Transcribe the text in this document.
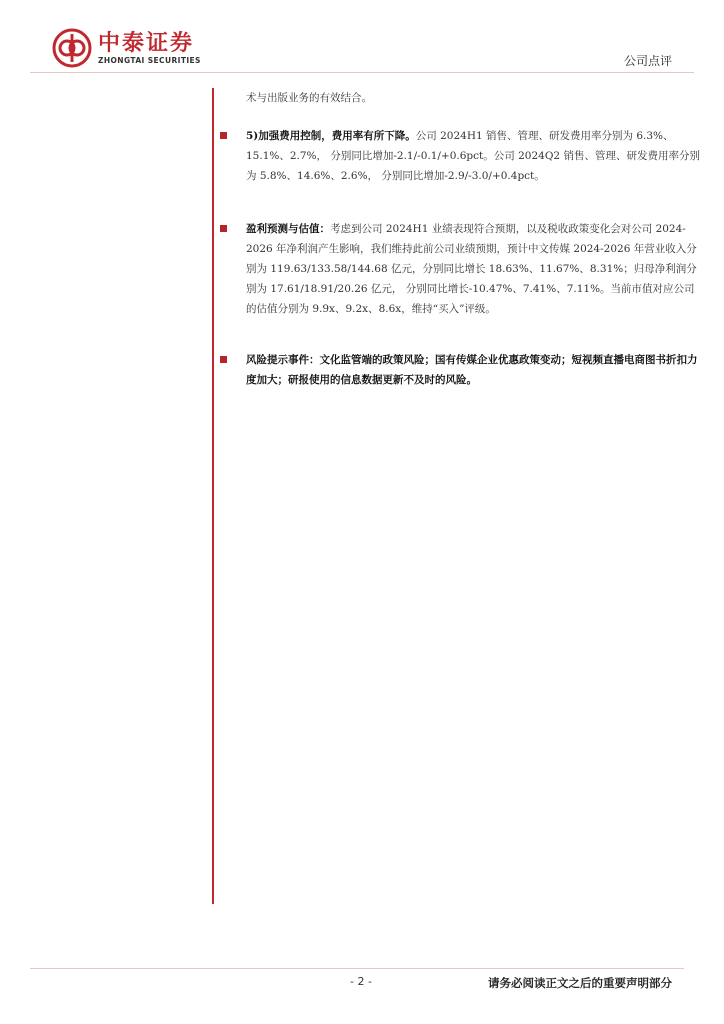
中泰证券
ZHONGTAI SECURITIES	公司点评

术与出版业务的有效结合。

5)加强费用控制，费用率有所下降。公司 2024H1 销售、管理、研发费用率分别为 6.3%、15.1%、2.7%， 分别同比增加-2.1/-0.1/+0.6pct。公司 2024Q2 销售、管理、研发费用率分别为 5.8%、14.6%、2.6%， 分别同比增加-2.9/-3.0/+0.4pct。

盈利预测与估值：考虑到公司 2024H1 业绩表现符合预期，以及税收政策变化会对公司 2024-2026 年净利润产生影响，我们维持此前公司业绩预期，预计中文传媒 2024-2026 年营业收入分别为 119.63/133.58/144.68 亿元，分别同比增长 18.63%、11.67%、8.31%；归母净利润分别为 17.61/18.91/20.26 亿元， 分别同比增长-10.47%、7.41%、7.11%。当前市值对应公司的估值分别为 9.9x、9.2x、8.6x，维持“买入”评级。

风险提示事件：文化监管端的政策风险；国有传媒企业优惠政策变动；短视频直播电商图书折扣力度加大；研报使用的信息数据更新不及时的风险。

- 2 -	请务必阅读正文之后的重要声明部分
